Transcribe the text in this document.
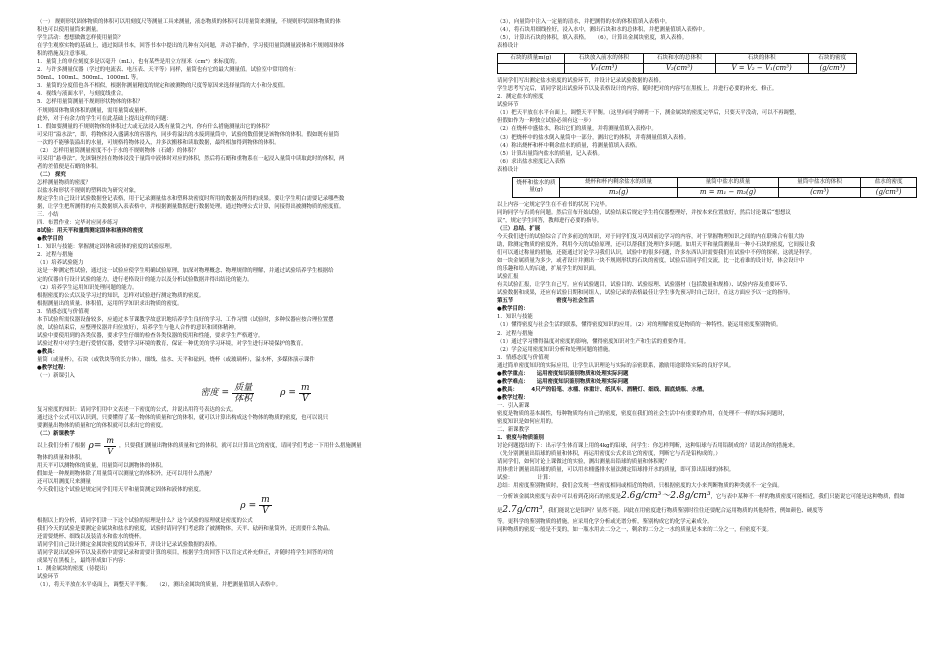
（一） 规则形状固体物质的体积可以用刻度尺等测量工具来测量，液态物质的体积可以用量筒来测量，不规则形状固体物质的体

积也可以使用量筒来测量。

学生活动：想想做做怎样使用量筒？

在学生观察实物的基础上，通过阅读书本，回答书本中提出的几种有关问题，并动手操作，学习使用量筒测量液体和不规则固体体

积的措施及注意事项。

1．量筒上的单位刻度多是以毫升（mL），也有某些是用立方厘米（cm³）来标度的。

2．与许多测量仪器（学过的电流表、电压表、天平等）同样，量筒也有它的最大测量值。试验室中常用的有：

50mL、100mL、500mL、1000mL 等。

3．量筒的分度值也各不相似，根据你测量精度的规定和被测物的尺度等原因来选择量筒的大小和分度值。

4．视线与液面水平，与刻度线重合。

5．怎样用量筒测量不规则形状物体的体积？

不规则固体物质体积的测量，需用量筒或量杯。

此外，对于有余力的学生可在此基础上提出这样的问题：

1．假如要测量的不规则物体的体积过大或无法浸入既有量筒之内，你有什么措施测量出它的体积？

可采用“溢水法”，即，将物体浸入盛满水的容器内，同步将溢出的水接到量筒中，试验的数值便是该物体的体积。假如既有量筒

一次的不能够装溢出的水量，可规格将物体浸入，并多次搬移和读取数据，最终相加得到物体的体积。

（2） 怎样用量筒测量密度不小于水的不规则物体（石蜡）的体积？

可采用“悬垂法”。先该铜丝挂在物体浸没于量筒中液体时对应的体积，然后将石蜡和重物系在一起浸入量筒中读取此时的体积，两

者的差值便是石蜡的体积。

（二） 探究

怎样测量物质的密度？

以盐水和形状不规则的塑料块为研究对象，

规定学生自己设计试验数据登记表格，用于记录测量盐水和塑料块密度时所用的数据及所得的成果。要让学生明白需要记录哪些数

据，让学生把所测得的有关数据填入表表格中，并根据测量数据进行数据处理。通过物理公式计算，问接得出被测物质的密度值。

三．小结

四．布置作业：完毕对应同步练习

8试验：用天平和量筒测定固体和液体的密度

●教学目的

1．知识与技能：掌握测定固体和液体的密度的试验原理。

2．过程与措施

（1）培养试验能力

这是一种测定性试验，通过这一试验应使学生明确试验原理，加深对物理概念、物理规律的理解，并通过试验培养学生根据给

定的仪器自行设计试验的能力，进行老格设计的能力以及分析试验数据并得出结论的能力。

（2）培养学生运用知识处理问题的能力。

根据密度的公式以及学习过的知识，怎样对试验进行测定物质的密度。

根据测量出的质量、体积值，运用所学知识求出物质的密度。

3．情感态度与价值观

本节试验所需仪器设备较多，应通过本节课教学故意识地培养学生良好的学习、工作习惯（试验时，多种仪器应按合理位置摆

放，试验结束后，应整理仪器并归位放好），培养学生与他人合作的意识和团体精神。

试验中要使用到的各类仪器，要求学生仔细的检查各类仪器的使用和性能，要求学生严格遵守。

试验过程中对学生进行爱惜仪器，爱惜学习环境的教育，保证一种优美的学习环境，对学生进行环境保护的教育。

●教具：

量筒（或量杯），石块（或铁块等的长方体），细线、盐水、天平和砝码，烧杯（或玻璃杯），溢水杯，多媒体演示课件

●教学过程：

（一）新课引入

密度 = $\frac{\text{质量}}{\text{体积}}$	$\rho = \frac{m}{V}$

复习密度的知识：请同学们用中文表述一下密度的公式，并说出用符号表达的公式。

通过这个公式可以认识到，只要懂得了某一物体的质量和它的体积，就可以计算出构成这个物体的物质的密度，也可以说只

要测量出物体的质量和它的体积就可以求出它的密度。

（二）新课教学

以上我们分析了根据 $\rho= \frac{m}{V}$ ，只要我们测量出物体的质量和它的体积，就可以计算出它的密度，请同学们考虑一下用什么措施测量

物体的质量和体积。

用天平可以测物体的质量，用量筒可以测物体的体积。

假如是一种规则物体除了用量筒可以测量它的体积外，还可以用什么措施？

还可以用测度尺来测量

今天我们这个试验是规定同学们用天平和量筒测定固体和液体的密度。

$\rho = \frac{m}{V}$

根据以上的分析，请同学们讲一下这个试验的原理是什么？这个试验的原理就是密度的公式

我们今天的试验是要测定金属块和盐水的密度，试验时请同学们考虑除了被测物体，天平、砝码和量筒外，还需要什么物品。

还需要烧杯、细线以及装清水和盐水的烧杯。

请同学们自己设计测定金属块密度的试验环节，并设计记录试验数据的表格。

请同学说出试验环节以及表格中需要记录和需要计算的项目，根据学生的回答下以肯定式补充修正，并随时将学生回答的对的

成果写在黑板上，最终形成如下内容：

1．测金属块的密度（待提出）

试验环节

（1），将天平放在水平桌面上，调整天平平衡。　　（2），测出金属块的质量，并把测量值填入表格中。

（3），向量筒中注入一定量的清水，并把测得的水的体积值填入表格中。

（4），将石块用细线拴好，浸入水中，测出石块和水的总体积，并把测量值填入表格中。

（5），计算出石块的体积，填入表格。　　（6），计算出金属块密度，填入表格。

表格设计

石块的质量m(g)	石块放入前水的体积	石块和水的总体积	石块的体积	石块的密度
	V₁(cm³)	V₂(cm³)	V = V₂ − V₁(cm³)	(g/cm³)

请同学们写出测定盐水密度的试验环节，并设计记录试验数据的表格。

学生思考写完后，请同学说出试验环节以及表格设计的内容，随时把对的内容写在黑板上，并进行必要的补充、修正。

2．测定盐水的密度

试验环节

（1）把天平放在水平台面上，调整天平平衡。（这里向同学阐明一下，测金属块的密度完毕后，只要天平没动，可以不再调整，

但假如作为一种独立试验必须有这一步）

（2）在烧杯中盛盐水，称出它们的质量，并将测量值填入表格中。

（3）把烧杯中的盐水倒入量筒中一部分，测出它的体积，并将测量值填入表格。

（4）称出烧杯和杯中剩余盐水的质量，将测量值填入表格。

（5）计算出量筒内盐水的质量，记入表格。

（6）求出盐水密度记入表格

表格设计

烧杯和盐水的质量(g)	烧杯和杯内剩余盐水的质量	量筒中盐水的质量	量筒中盐水的体积	盐水的密度
	m₂(g)	m = m₁ − m₂(g)	(cm³)	(g/cm³)

以上内容一定规定学生在不看书的状况下完毕。

同询同学与否尚有问题。然后宣布开始试验，试验结束后规定学生将仪器整理好，并按本来位置放好，然后讨论课后“想想议

议”，规定学生回答，教师进行必要的指导。

（三）总结、扩展

今天我们进行的试验综合了许多前边的知识，对于同学们复习巩固前边学习的内容，对于掌握物理知识之间的内在联珠合有很大协

助，除测定物质的密度外，利用今天的试验原理，还可以帮我们处理许多问题。如用天平和量筒测量出一种小石块的密度，它间接让我

们可以通过称量的措施，还能通过讨论学习我们认识，试验中的很多问题，许多东西认识需要我们在试验中不停的探索，这就是科学。

如一块金属质量为多少，或者设计并测出一块不规则形状的石块的密度，试验后请同学们交流，比一比看谁的设计好，体会设计中

的乐趣和给人的启迪，扩展学生的知识面。

试验汇报

有关试验汇报，让学生自己写。应有试验题目，试验目的、试验原理、试验器材（包括数量和规格）、试验内容及重要环节、

试验数据和成果，还应有试验日期和同组人，试验记录的表格最佳让学生事先预习时自己设计，在这方面应予以一定的指导。

第五节　　　　　　　　密度与社会生活

●教学目的：

1．知识与技能

（1）懂得密度与社会生活的联系，懂得密度知识的应用。（2）对的理解密度是物质的一种特性，能运用密度鉴别物质。

2．过程与措施

（1）通过学习懂得温度对密度的影响，懂得密度知识对生产和生活的重要作用。

（2）学会运用密度知识分析和处理问题的措施。

3．情感态度与价值观

通过简单密度知识的实际应用，让学生认识理论与实际的亲密联系，激励用途联络实际的良好学风。

●教学重点：　　运用密度知识鉴别物质和处理实际问题

●教学难点：　　运用密度知识鉴别物质和处理实际问题

●教具：　　　4只产的铅笔、水桶、体重计、纸风车、酒精灯、细线、圆底烧瓶、水槽。

●教学过程：

一．引入新课

密度是物质的基本属性，每种物质均有自己的密度，密度在我们的社会生活中有重要的作用，在处理不一样的实际问题时，

密度知识是如何应用的。

二、新课教学

1．密度与物质鉴别

讨论问题提出的下：出示学生体育课上用的4kg的铅球，问学生：你怎样判断，这种铅球与否用铅制成的？请说出你的措施来。

（先分别测量出铅球的质量和体积，再运用密度公式求出它的密度，判断它与否是铅构成的。）

请同学们，如何讨论上课做过的实验，测出测量出铅球的质量和体积呢？

用体重计测量出铅球的质量，可以用水桶盛排水量法测定铅球排开水的质量，即可算出铅球的体积。

试验：　　　　　计算：

总结：用密度鉴别物质时，我们会发现一些密度相同或相近的物质，只根据密度的大小来判断物质的种类就不一定全面。

一分析该金属块密度与表中可以看到花岗石的密度是2.6g/cm³～2.8g/cm³，它与表中某种不一样的物质密度可能相近，我们只能说它可能是这种物质，假如

是2.7g/cm³，我们能说它是铝吗？显然不能。因此在用密度进行物质鉴别时往往还要配合运用物质的其他特性，例如颜色、硬度等

等。更科学的鉴别物质的措施，应采用化学分析或光谱分析，鉴别构成它的化学元素成分。

同种物质的密度一般是不变的，如一瓶水用去二分之一，剩余的二分之一水的质量是本来的二分之一，但密度不变。
